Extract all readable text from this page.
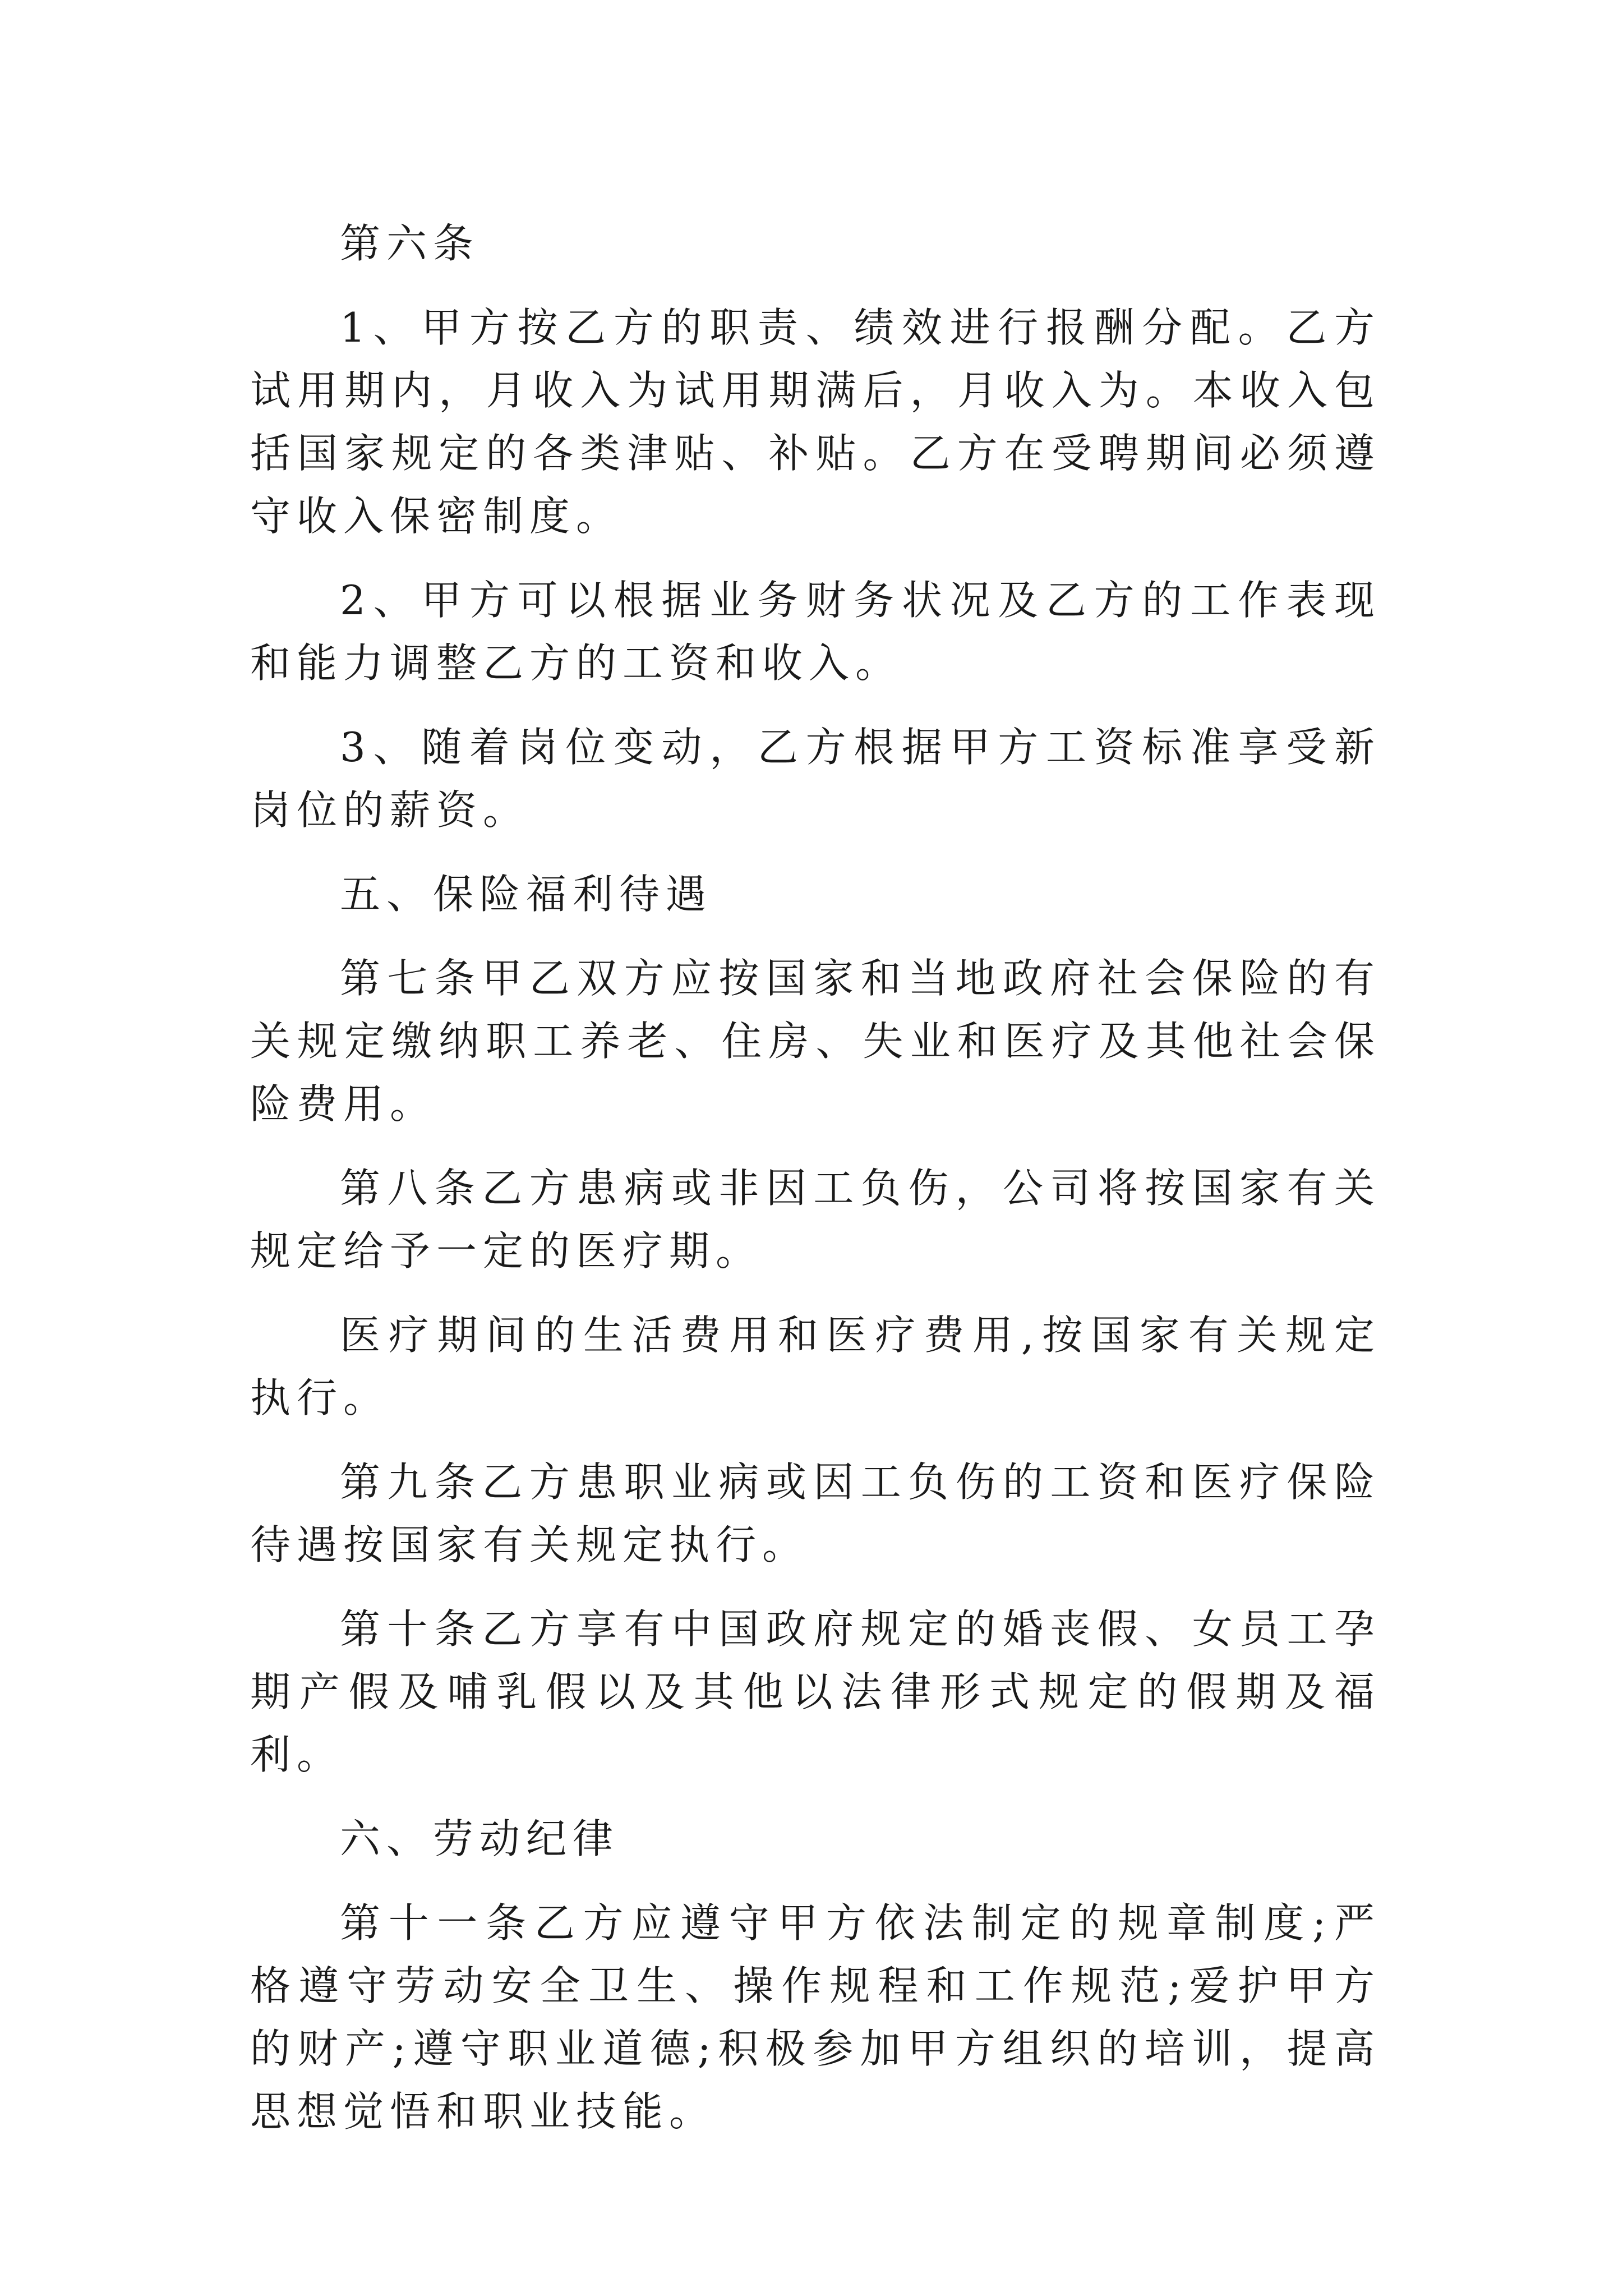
第六条

1、甲方按乙方的职责、绩效进行报酬分配。乙方试用期内，月收入为试用期满后，月收入为。本收入包括国家规定的各类津贴、补贴。乙方在受聘期间必须遵守收入保密制度。

2、甲方可以根据业务财务状况及乙方的工作表现和能力调整乙方的工资和收入。

3、随着岗位变动，乙方根据甲方工资标准享受新岗位的薪资。

五、保险福利待遇

第七条甲乙双方应按国家和当地政府社会保险的有关规定缴纳职工养老、住房、失业和医疗及其他社会保险费用。

第八条乙方患病或非因工负伤，公司将按国家有关规定给予一定的医疗期。

医疗期间的生活费用和医疗费用,按国家有关规定执行。

第九条乙方患职业病或因工负伤的工资和医疗保险待遇按国家有关规定执行。

第十条乙方享有中国政府规定的婚丧假、女员工孕期产假及哺乳假以及其他以法律形式规定的假期及福利。

六、劳动纪律

第十一条乙方应遵守甲方依法制定的规章制度;严格遵守劳动安全卫生、操作规程和工作规范;爱护甲方的财产;遵守职业道德;积极参加甲方组织的培训，提高思想觉悟和职业技能。
